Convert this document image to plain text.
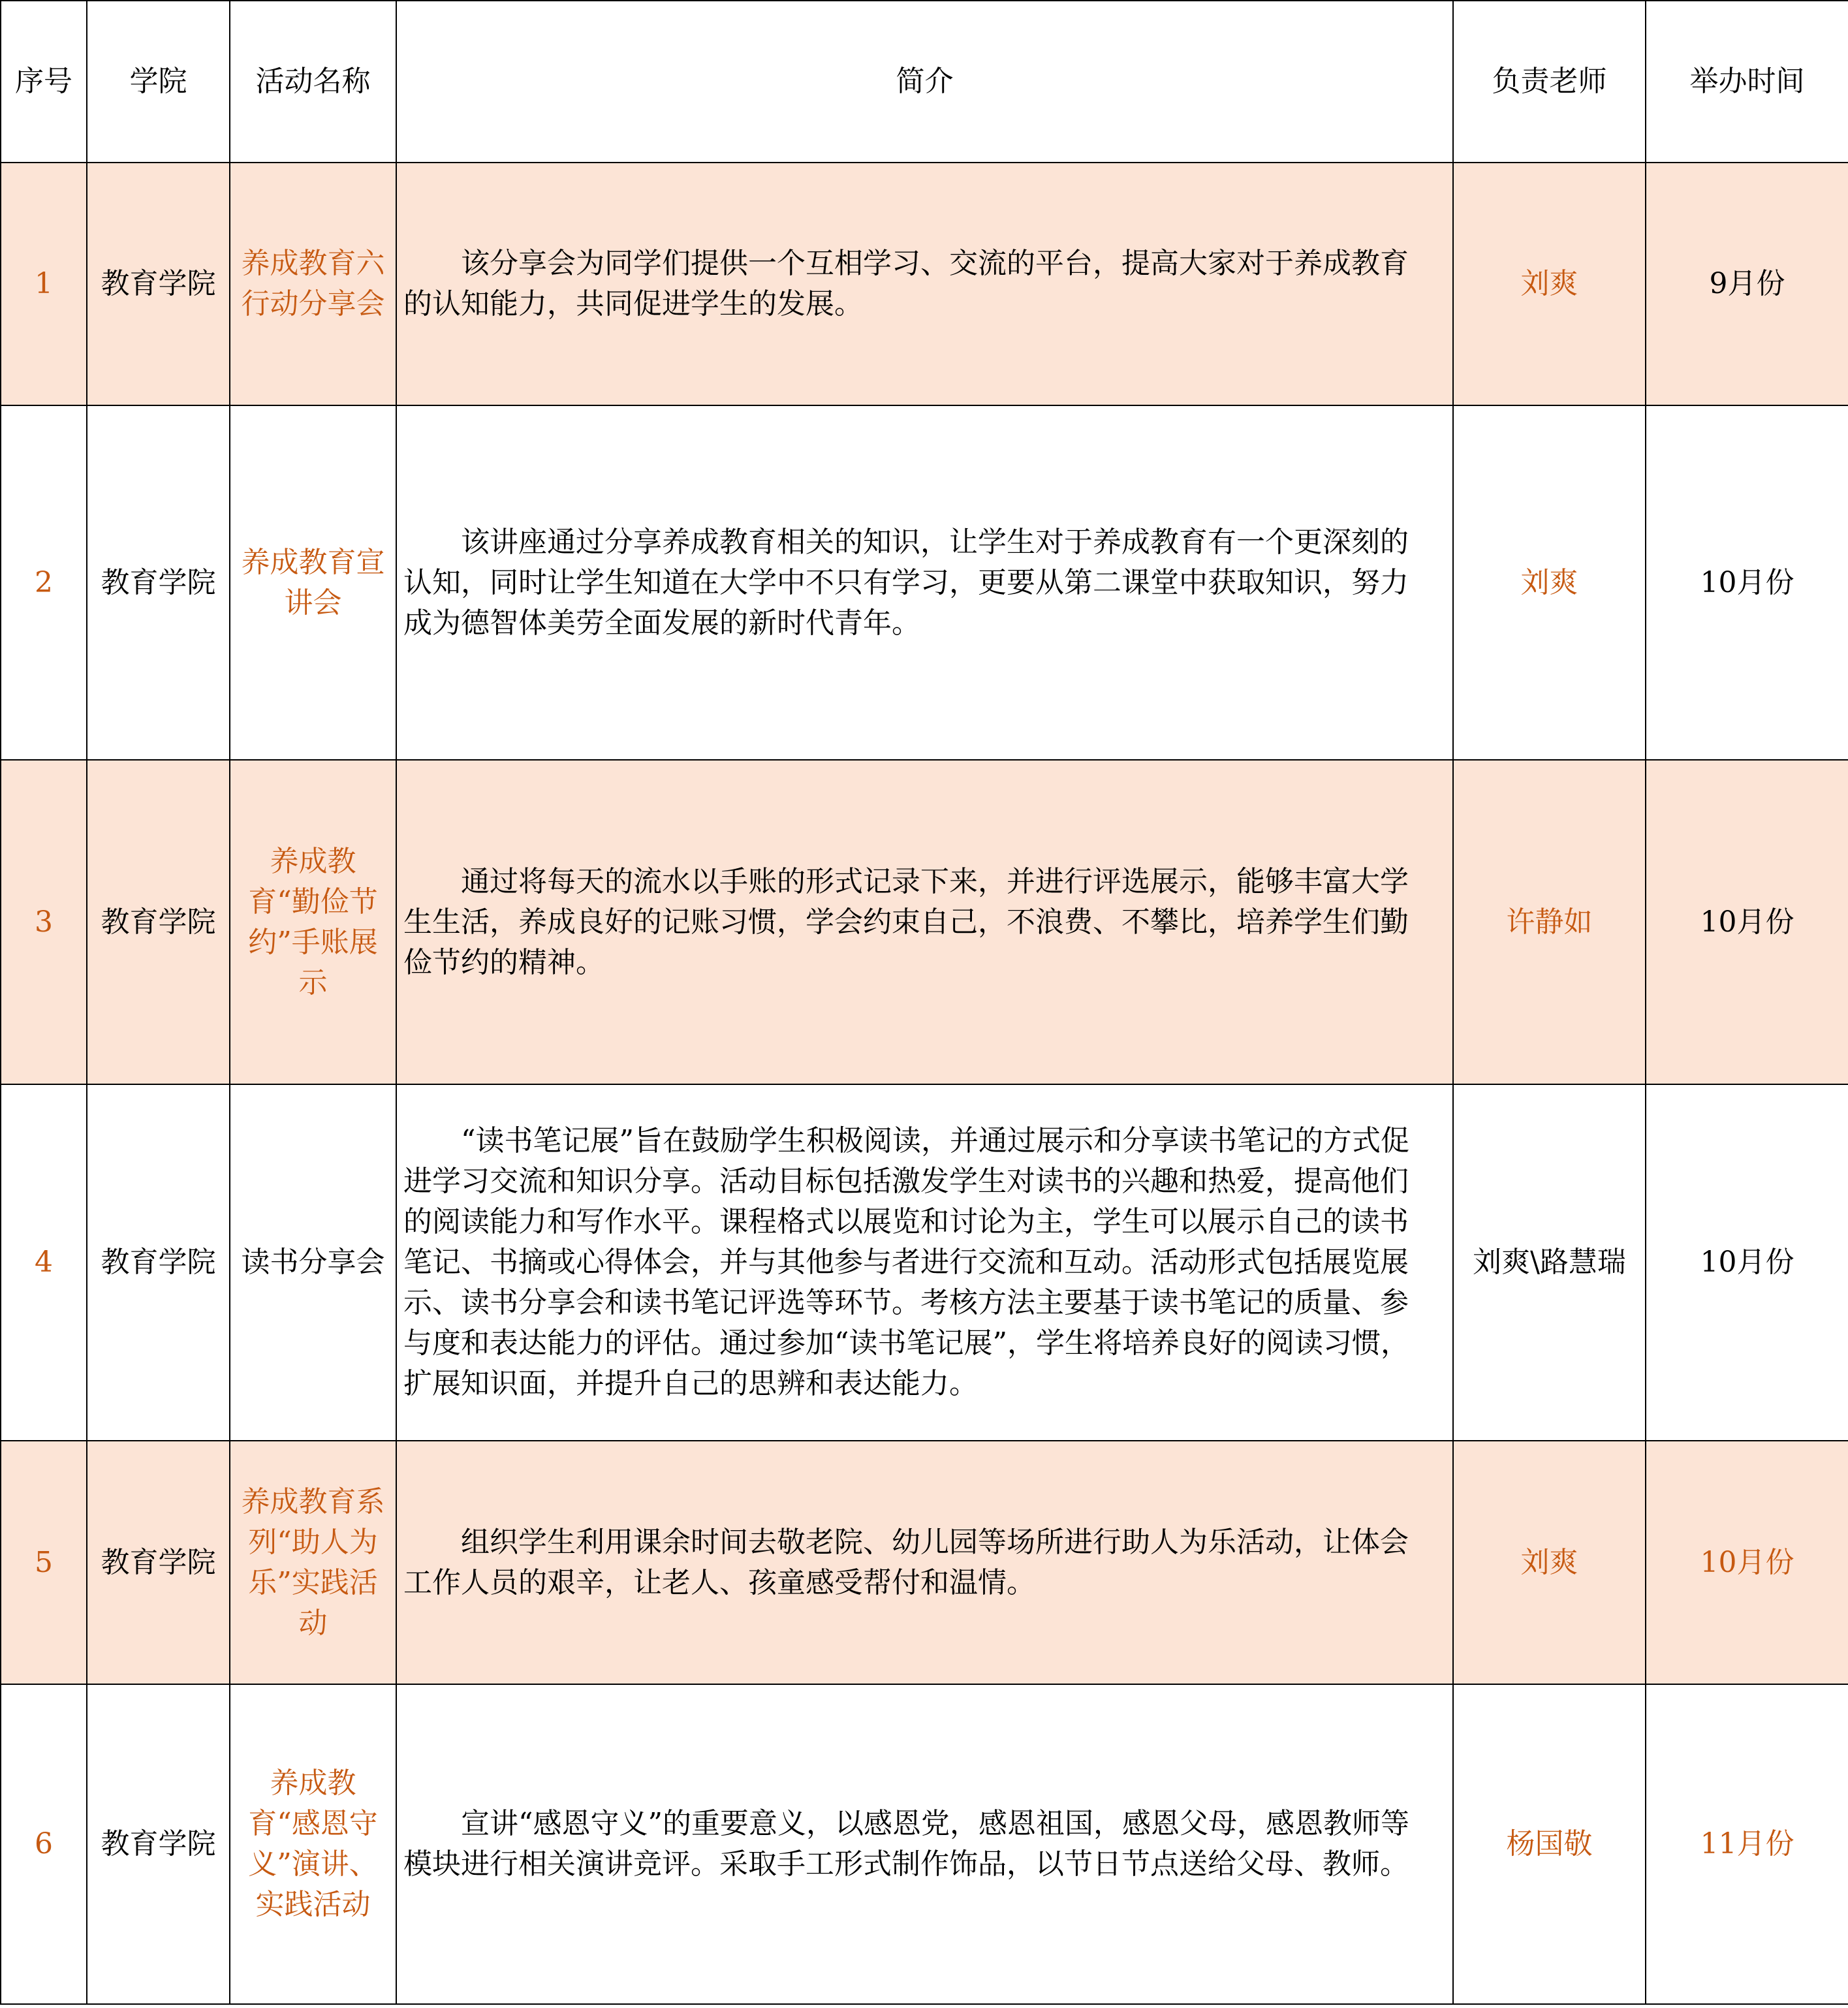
序号	学院	活动名称	简介	负责老师	举办时间
1	教育学院	养成教育六行动分享会	该分享会为同学们提供一个互相学习、交流的平台，提高大家对于养成教育的认知能力，共同促进学生的发展。	刘爽	9月份
2	教育学院	养成教育宣讲会	该讲座通过分享养成教育相关的知识，让学生对于养成教育有一个更深刻的认知，同时让学生知道在大学中不只有学习，更要从第二课堂中获取知识，努力成为德智体美劳全面发展的新时代青年。	刘爽	10月份
3	教育学院	养成教育“勤俭节约”手账展示	通过将每天的流水以手账的形式记录下来，并进行评选展示，能够丰富大学生生活，养成良好的记账习惯，学会约束自己，不浪费、不攀比，培养学生们勤俭节约的精神。	许静如	10月份
4	教育学院	读书分享会	“读书笔记展”旨在鼓励学生积极阅读，并通过展示和分享读书笔记的方式促进学习交流和知识分享。活动目标包括激发学生对读书的兴趣和热爱，提高他们的阅读能力和写作水平。课程格式以展览和讨论为主，学生可以展示自己的读书笔记、书摘或心得体会，并与其他参与者进行交流和互动。活动形式包括展览展示、读书分享会和读书笔记评选等环节。考核方法主要基于读书笔记的质量、参与度和表达能力的评估。通过参加“读书笔记展”，学生将培养良好的阅读习惯，扩展知识面，并提升自己的思辨和表达能力。	刘爽\路慧瑞	10月份
5	教育学院	养成教育系列“助人为乐”实践活动	组织学生利用课余时间去敬老院、幼儿园等场所进行助人为乐活动，让体会工作人员的艰辛，让老人、孩童感受帮付和温情。	刘爽	10月份
6	教育学院	养成教育“感恩守义”演讲、实践活动	宣讲“感恩守义”的重要意义，以感恩党，感恩祖国，感恩父母，感恩教师等模块进行相关演讲竞评。采取手工形式制作饰品，以节日节点送给父母、教师。	杨国敬	11月份
